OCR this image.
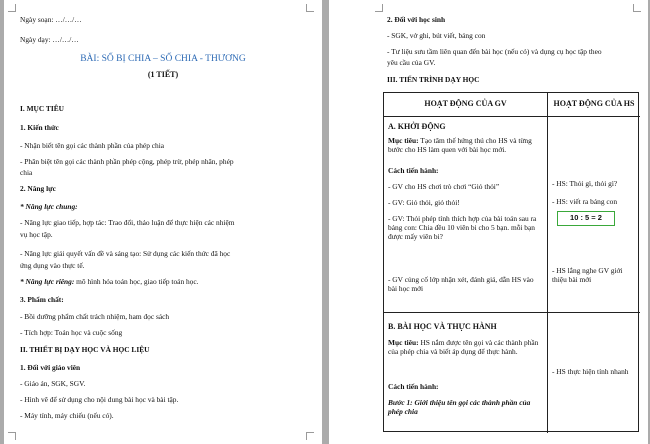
Ngày soạn: …/…/…
Ngày dạy: …/…/…
BÀI: SỐ BỊ CHIA – SỐ CHIA - THƯƠNG
(1 TIẾT)
I. MỤC TIÊU
1. Kiến thức
- Nhận biết tên gọi các thành phần của phép chia
- Phân biệt tên gọi các thành phần phép cộng, phép trừ, phép nhân, phép
chia
2. Năng lực
* Năng lực chung:
- Năng lực giao tiếp, hợp tác: Trao đổi, thảo luận để thực hiện các nhiệm
vụ học tập.
- Năng lực giải quyết vấn đề và sáng tạo: Sử dụng các kiến thức đã học
ứng dụng vào thực tế.
* Năng lực riêng: mô hình hóa toán học, giao tiếp toán học.
3. Phẩm chất:
- Bồi dưỡng phẩm chất trách nhiệm, ham đọc sách
- Tích hợp: Toán học và cuộc sống
II. THIẾT BỊ DẠY HỌC VÀ HỌC LIỆU
1. Đối với giáo viên
- Giáo án, SGK, SGV.
- Hình vẽ để sử dụng cho nội dung bài học và bài tập.
- Máy tính, máy chiếu (nếu có).
2. Đối với học sinh
- SGK, vở ghi, bút viết, bảng con
- Tư liệu sưu tầm liên quan đến bài học (nếu có) và dụng cụ học tập theo
yêu cầu của GV.
III. TIẾN TRÌNH DẠY HỌC
HOẠT ĐỘNG CỦA GV	HOẠT ĐỘNG CỦA HS
A. KHỞI ĐỘNG
Mục tiêu: Tạo tâm thế hứng thú cho HS và từng bước cho HS làm quen với bài học mới.
Cách tiến hành:
- GV cho HS chơi trò chơi “Giỏ thỏi”
- GV: Giỏ thỏi, giỏ thỏi!
- GV: Thỏi phép tính thích hợp của bài toán sau ra bảng con: Chia đều 10 viên bi cho 5 bạn. mỗi bạn được mấy viên bi?
- GV củng cố lớp nhận xét, đánh giá, dẫn HS vào bài học mới
- HS: Thỏi gì, thỏi gì?
- HS: viết ra bảng con
10 : 5 = 2
- HS lắng nghe GV giới thiệu bài mới
B. BÀI HỌC VÀ THỰC HÀNH
Mục tiêu: HS nắm được tên gọi và các thành phần của phép chia và biết áp dụng để thực hành.
Cách tiến hành:
Bước 1: Giới thiệu tên gọi các thành phần của phép chia
- HS thực hiện tính nhanh
